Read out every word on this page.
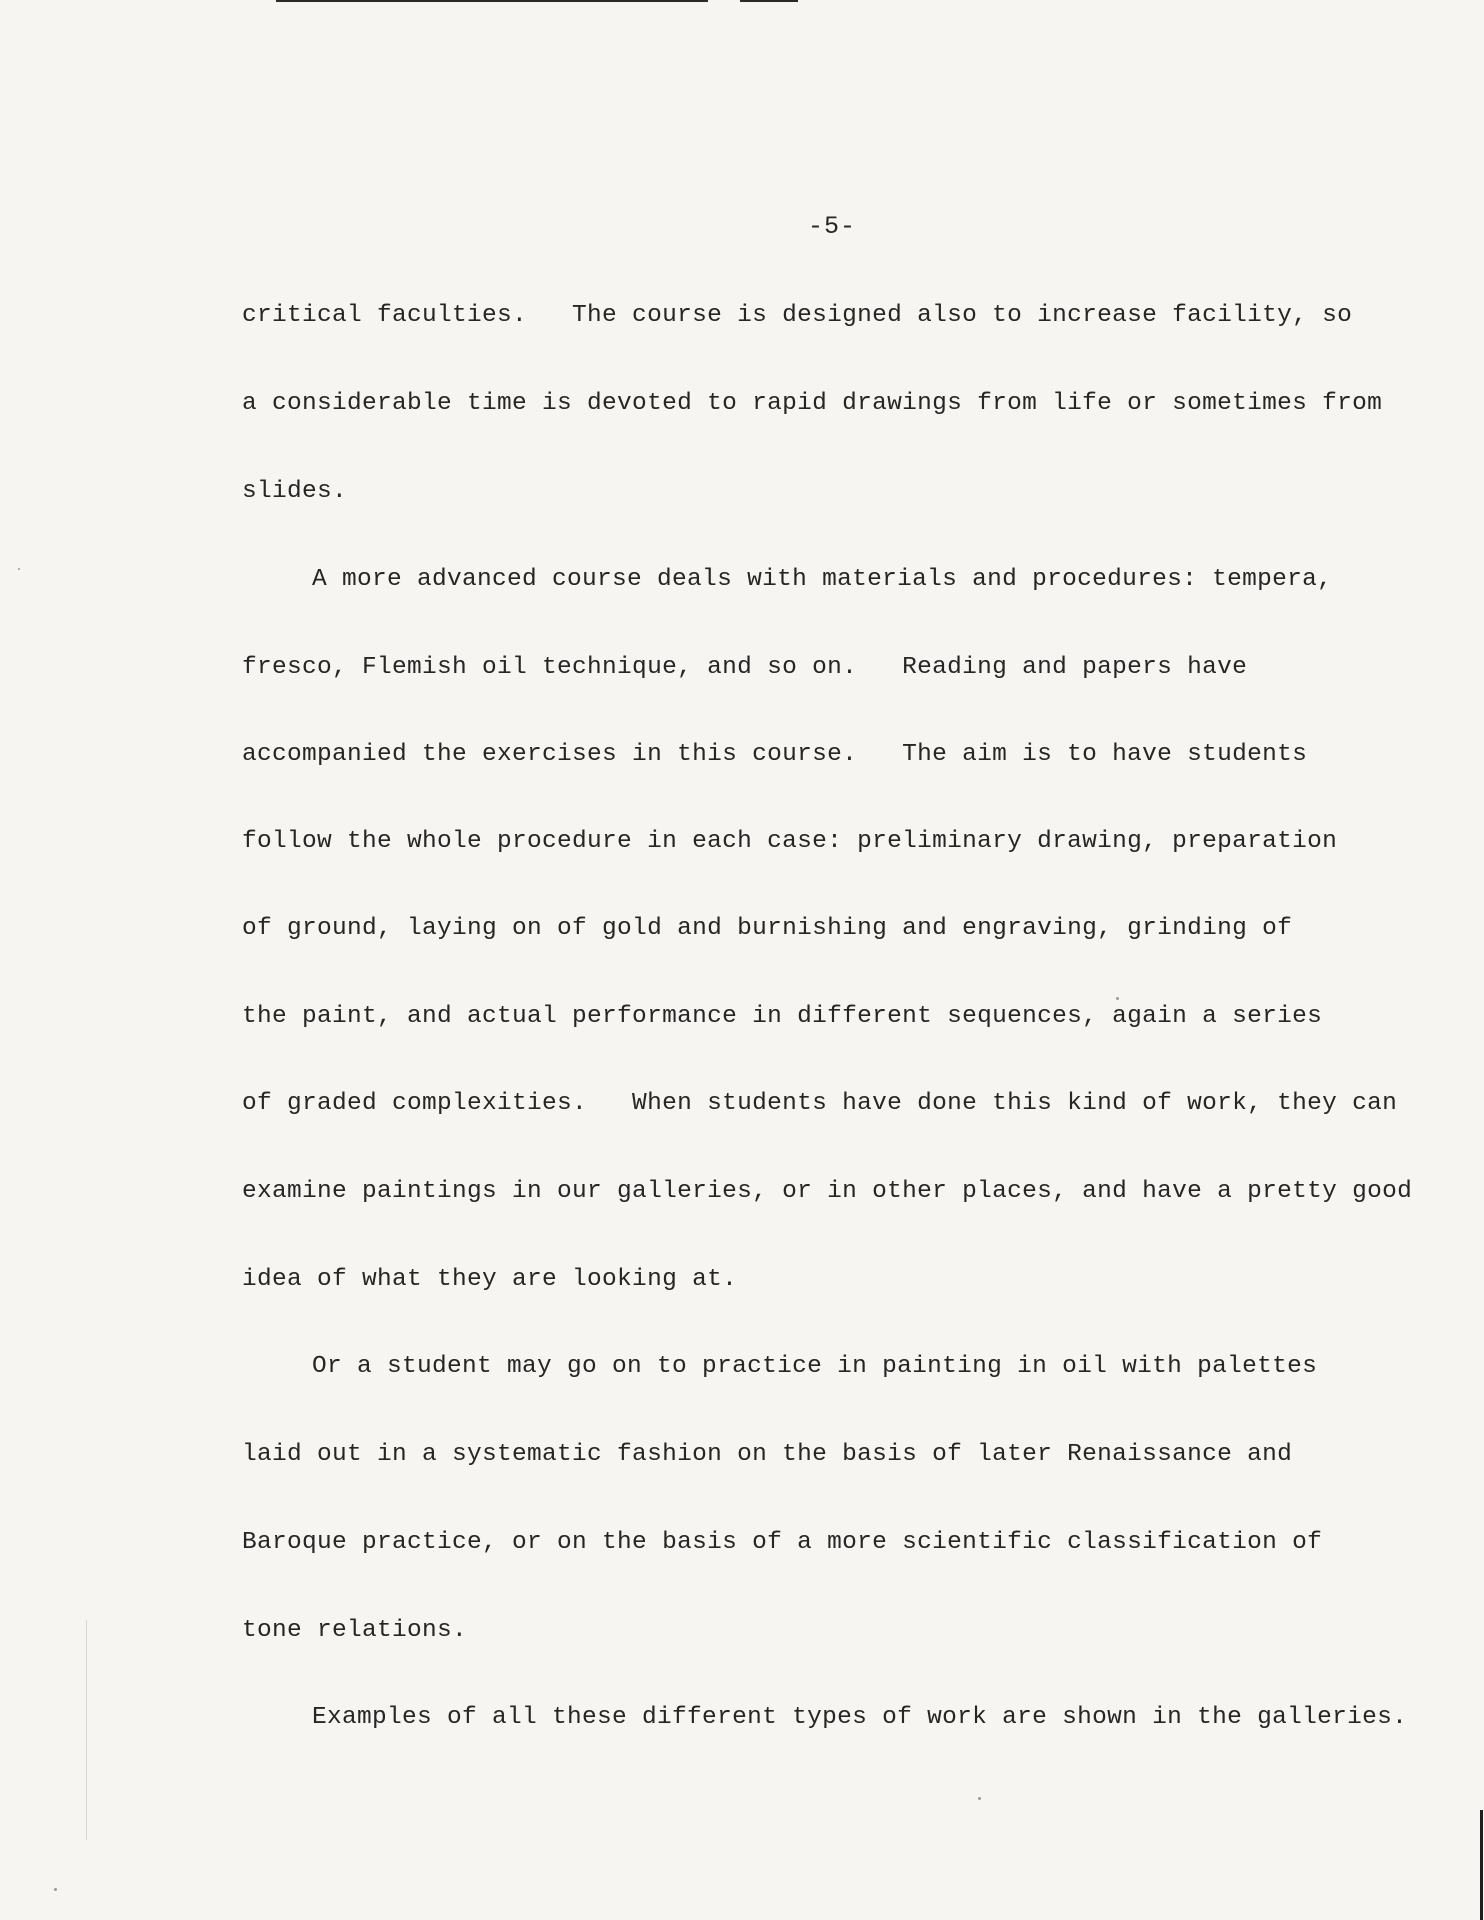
-5-
critical faculties.   The course is designed also to increase facility, so
a considerable time is devoted to rapid drawings from life or sometimes from
slides.
A more advanced course deals with materials and procedures: tempera,
fresco, Flemish oil technique, and so on.   Reading and papers have
accompanied the exercises in this course.   The aim is to have students
follow the whole procedure in each case: preliminary drawing, preparation
of ground, laying on of gold and burnishing and engraving, grinding of
the paint, and actual performance in different sequences, again a series
of graded complexities.   When students have done this kind of work, they can
examine paintings in our galleries, or in other places, and have a pretty good
idea of what they are looking at.
Or a student may go on to practice in painting in oil with palettes
laid out in a systematic fashion on the basis of later Renaissance and
Baroque practice, or on the basis of a more scientific classification of
tone relations.
Examples of all these different types of work are shown in the galleries.
